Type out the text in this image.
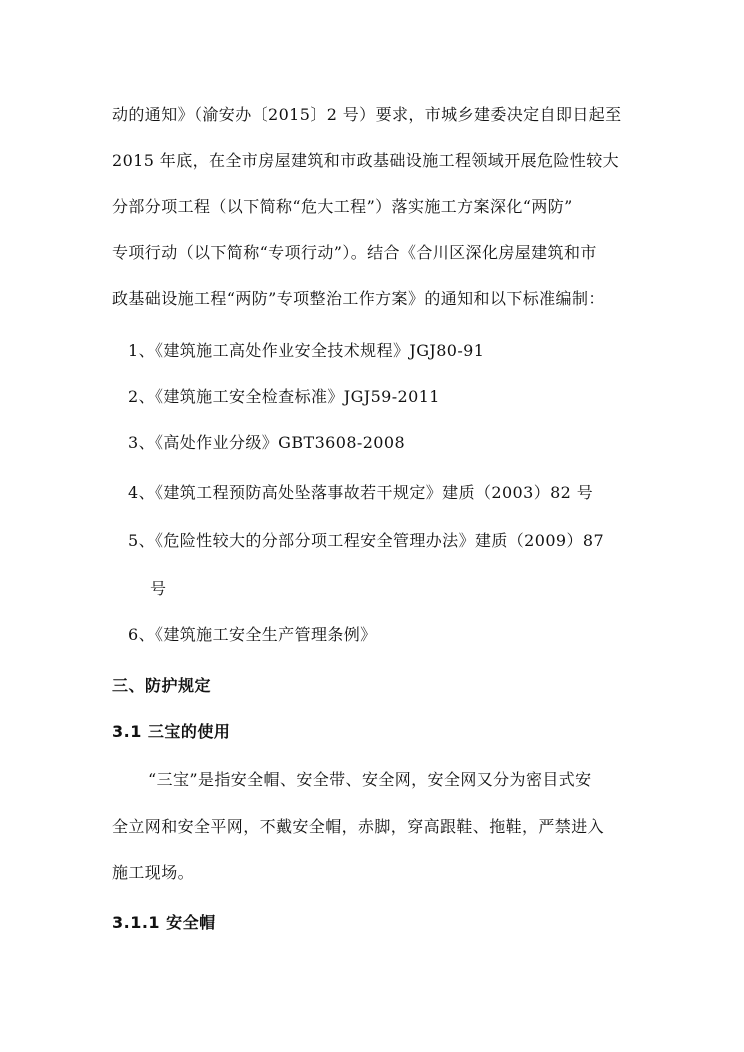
动的通知》（渝安办〔2015〕2 号）要求，市城乡建委决定自即日起至
2015 年底，在全市房屋建筑和市政基础设施工程领域开展危险性较大
分部分项工程（以下简称“危大工程”）落实施工方案深化“两防”
专项行动（以下简称“专项行动”）。结合《合川区深化房屋建筑和市
政基础设施工程“两防”专项整治工作方案》的通知和以下标准编制：
1、《建筑施工高处作业安全技术规程》JGJ80-91
2、《建筑施工安全检查标准》JGJ59-2011
3、《高处作业分级》GBT3608-2008
4、《建筑工程预防高处坠落事故若干规定》建质（2003）82 号
5、《危险性较大的分部分项工程安全管理办法》建质（2009）87
号
6、《建筑施工安全生产管理条例》
三、防护规定
3.1 三宝的使用
“三宝”是指安全帽、安全带、安全网，安全网又分为密目式安
全立网和安全平网，不戴安全帽，赤脚，穿高跟鞋、拖鞋，严禁进入
施工现场。
3.1.1 安全帽
